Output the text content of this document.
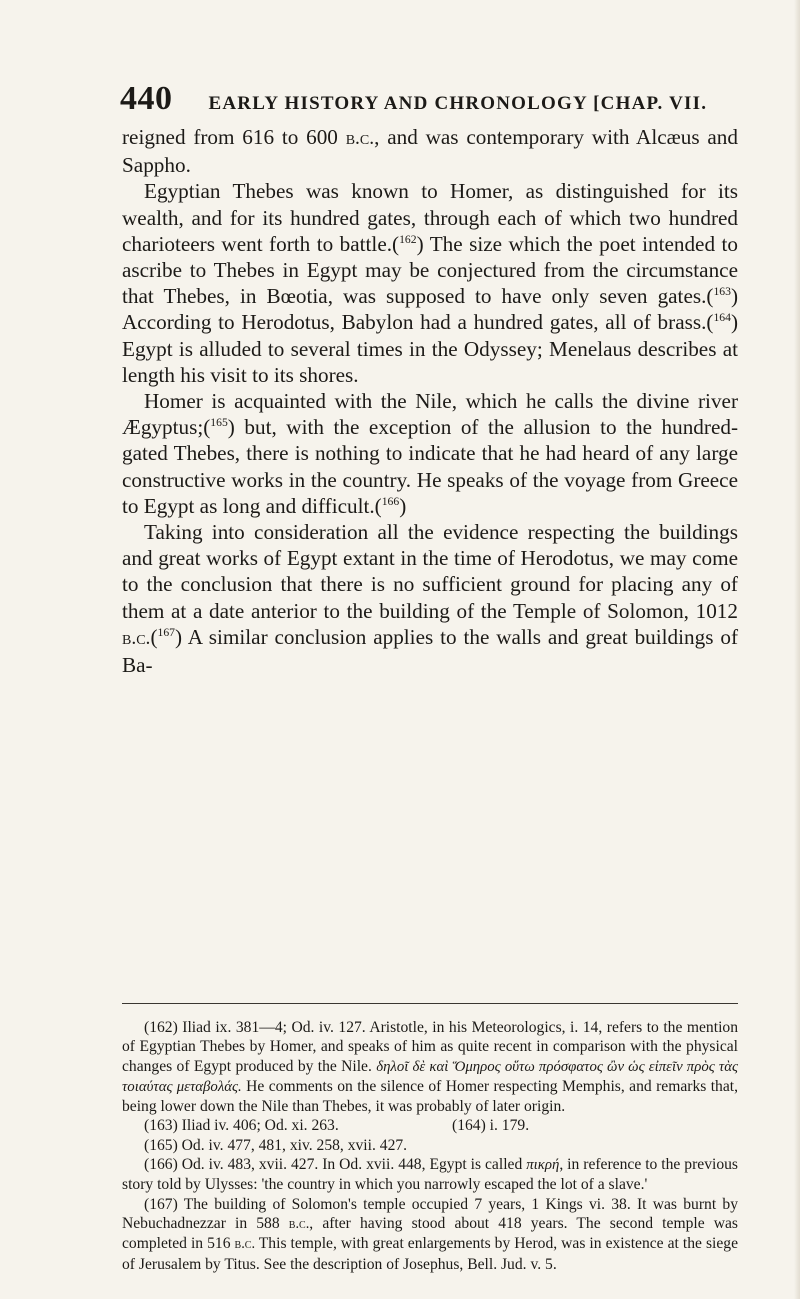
440 EARLY HISTORY AND CHRONOLOGY [CHAP. VII.

reigned from 616 to 600 b.c., and was contemporary with Alcæus and Sappho.

Egyptian Thebes was known to Homer, as distinguished for its wealth, and for its hundred gates, through each of which two hundred charioteers went forth to battle.($^{162}$) The size which the poet intended to ascribe to Thebes in Egypt may be conjectured from the circumstance that Thebes, in Bœotia, was supposed to have only seven gates.($^{163}$) According to Herodotus, Babylon had a hundred gates, all of brass.($^{164}$) Egypt is alluded to several times in the Odyssey; Menelaus describes at length his visit to its shores.

Homer is acquainted with the Nile, which he calls the divine river Ægyptus;($^{165}$) but, with the exception of the allusion to the hundred-gated Thebes, there is nothing to indicate that he had heard of any large constructive works in the country. He speaks of the voyage from Greece to Egypt as long and difficult.($^{166}$)

Taking into consideration all the evidence respecting the buildings and great works of Egypt extant in the time of Herodotus, we may come to the conclusion that there is no sufficient ground for placing any of them at a date anterior to the building of the Temple of Solomon, 1012 b.c.($^{167}$) A similar conclusion applies to the walls and great buildings of Ba-

(162) Iliad ix. 381—4; Od. iv. 127. Aristotle, in his Meteorologics, i. 14, refers to the mention of Egyptian Thebes by Homer, and speaks of him as quite recent in comparison with the physical changes of Egypt produced by the Nile. δηλοῖ δὲ καὶ Ὅμηρος οὕτω πρόσφατος ὢν ὡς εἰπεῖν πρὸς τὰς τοιαύτας μεταβολάς. He comments on the silence of Homer respecting Memphis, and remarks that, being lower down the Nile than Thebes, it was probably of later origin.

(163) Iliad iv. 406; Od. xi. 263.	(164) i. 179.

(165) Od. iv. 477, 481, xiv. 258, xvii. 427.

(166) Od. iv. 483, xvii. 427. In Od. xvii. 448, Egypt is called πικρή, in reference to the previous story told by Ulysses: 'the country in which you narrowly escaped the lot of a slave.'

(167) The building of Solomon's temple occupied 7 years, 1 Kings vi. 38. It was burnt by Nebuchadnezzar in 588 b.c., after having stood about 418 years. The second temple was completed in 516 b.c. This temple, with great enlargements by Herod, was in existence at the siege of Jerusalem by Titus. See the description of Josephus, Bell. Jud. v. 5.
